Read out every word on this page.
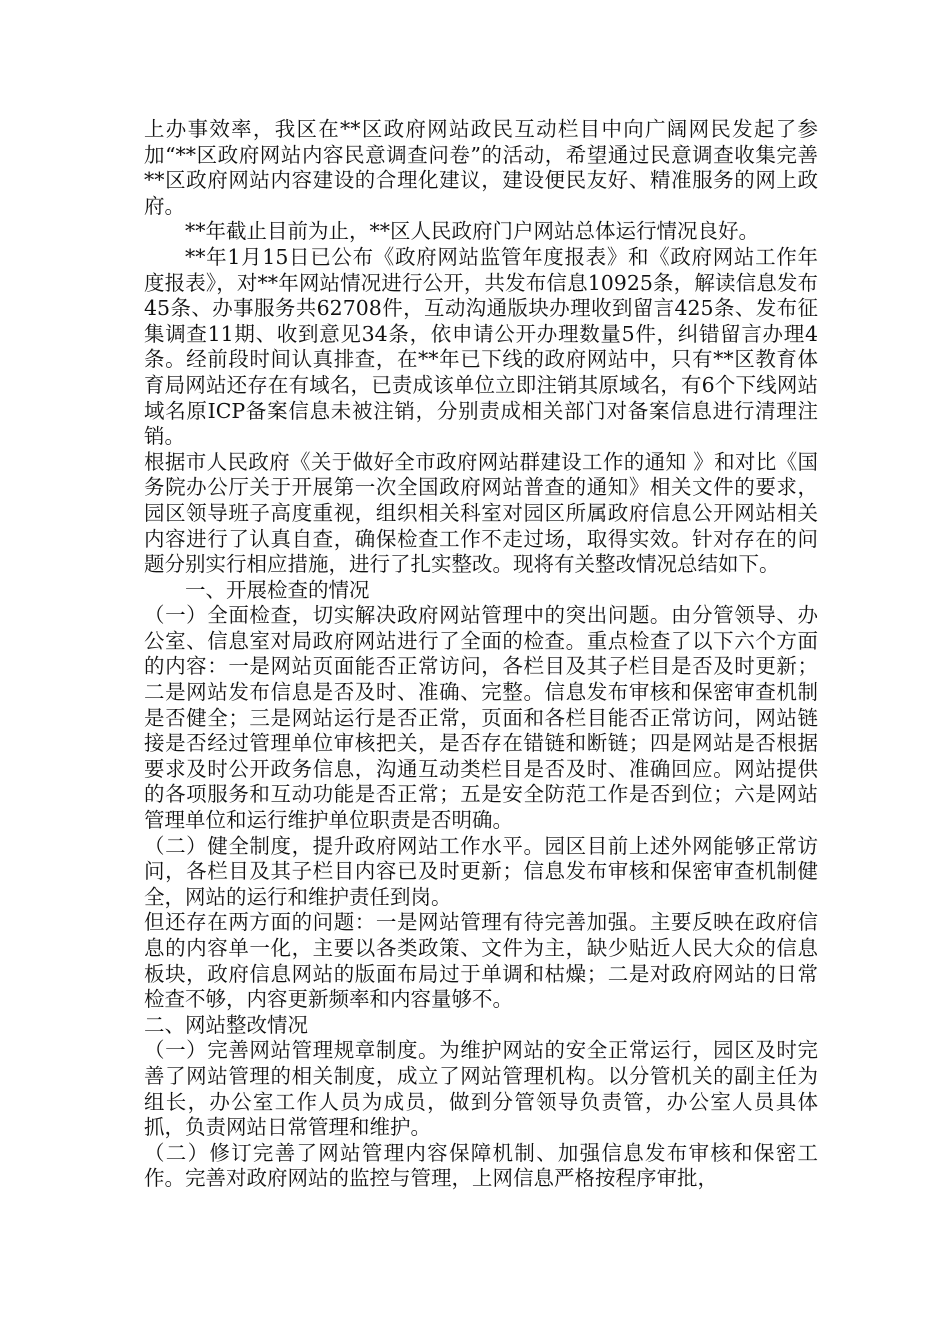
上办事效率，我区在**区政府网站政民互动栏目中向广阔网民发起了参加“**区政府网站内容民意调查问卷”的活动，希望通过民意调查收集完善**区政府网站内容建设的合理化建议，建设便民友好、精准服务的网上政府。

**年截止目前为止，**区人民政府门户网站总体运行情况良好。

**年1月15日已公布《政府网站监管年度报表》和《政府网站工作年度报表》，对**年网站情况进行公开，共发布信息10925条，解读信息发布45条、办事服务共62708件，互动沟通版块办理收到留言425条、发布征集调查11期、收到意见34条，依申请公开办理数量5件，纠错留言办理4条。经前段时间认真排查，在**年已下线的政府网站中，只有**区教育体育局网站还存在有域名，已责成该单位立即注销其原域名，有6个下线网站域名原ICP备案信息未被注销，分别责成相关部门对备案信息进行清理注销。

根据市人民政府《关于做好全市政府网站群建设工作的通知 》和对比《国务院办公厅关于开展第一次全国政府网站普查的通知》相关文件的要求，园区领导班子高度重视，组织相关科室对园区所属政府信息公开网站相关内容进行了认真自查，确保检查工作不走过场，取得实效。针对存在的问题分别实行相应措施，进行了扎实整改。现将有关整改情况总结如下。

一、开展检查的情况

（一）全面检查，切实解决政府网站管理中的突出问题。由分管领导、办公室、信息室对局政府网站进行了全面的检查。重点检查了以下六个方面的内容：一是网站页面能否正常访问，各栏目及其子栏目是否及时更新；二是网站发布信息是否及时、准确、完整。信息发布审核和保密审查机制是否健全；三是网站运行是否正常，页面和各栏目能否正常访问，网站链接是否经过管理单位审核把关，是否存在错链和断链；四是网站是否根据要求及时公开政务信息，沟通互动类栏目是否及时、准确回应。网站提供的各项服务和互动功能是否正常；五是安全防范工作是否到位；六是网站管理单位和运行维护单位职责是否明确。

（二）健全制度，提升政府网站工作水平。园区目前上述外网能够正常访问，各栏目及其子栏目内容已及时更新；信息发布审核和保密审查机制健全，网站的运行和维护责任到岗。

但还存在两方面的问题：一是网站管理有待完善加强。主要反映在政府信息的内容单一化，主要以各类政策、文件为主，缺少贴近人民大众的信息板块，政府信息网站的版面布局过于单调和枯燥；二是对政府网站的日常检查不够，内容更新频率和内容量够不。

二、网站整改情况

（一）完善网站管理规章制度。为维护网站的安全正常运行，园区及时完善了网站管理的相关制度，成立了网站管理机构。以分管机关的副主任为组长，办公室工作人员为成员，做到分管领导负责管，办公室人员具体抓，负责网站日常管理和维护。

（二）修订完善了网站管理内容保障机制、加强信息发布审核和保密工作。完善对政府网站的监控与管理，上网信息严格按程序审批，
